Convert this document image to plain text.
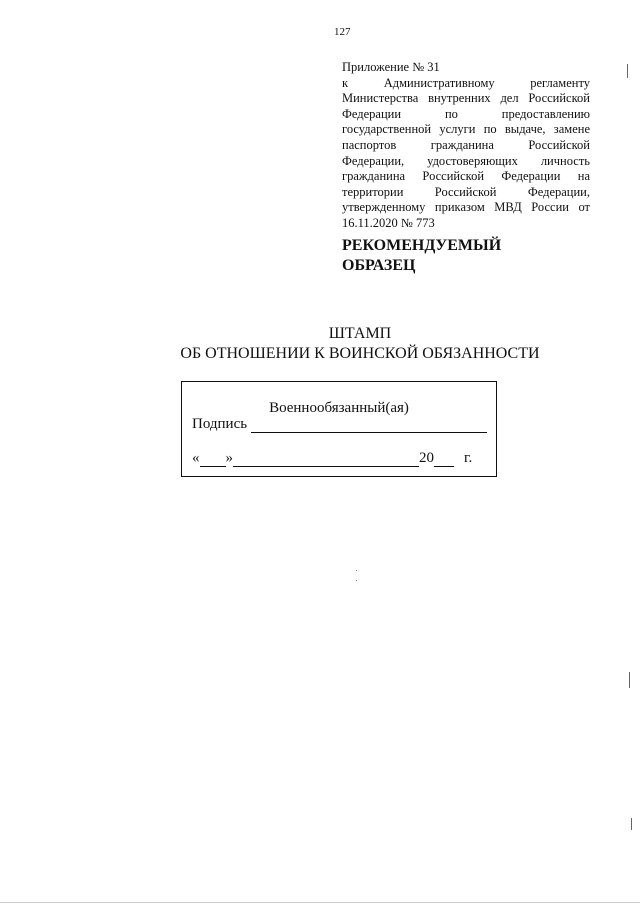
127
Приложение № 31
к Административному регламенту Министерства внутренних дел Российской Федерации по предоставлению государственной услуги по выдаче, замене паспортов гражданина Российской Федерации, удостоверяющих личность гражданина Российской Федерации на территории Российской Федерации, утвержденному приказом МВД России от 16.11.2020 № 773
РЕКОМЕНДУЕМЫЙ
ОБРАЗЕЦ
ШТАМП
ОБ ОТНОШЕНИИ К ВОИНСКОЙ ОБЯЗАННОСТИ
Военнообязанный(ая)
Подпись
« »	20 г.
